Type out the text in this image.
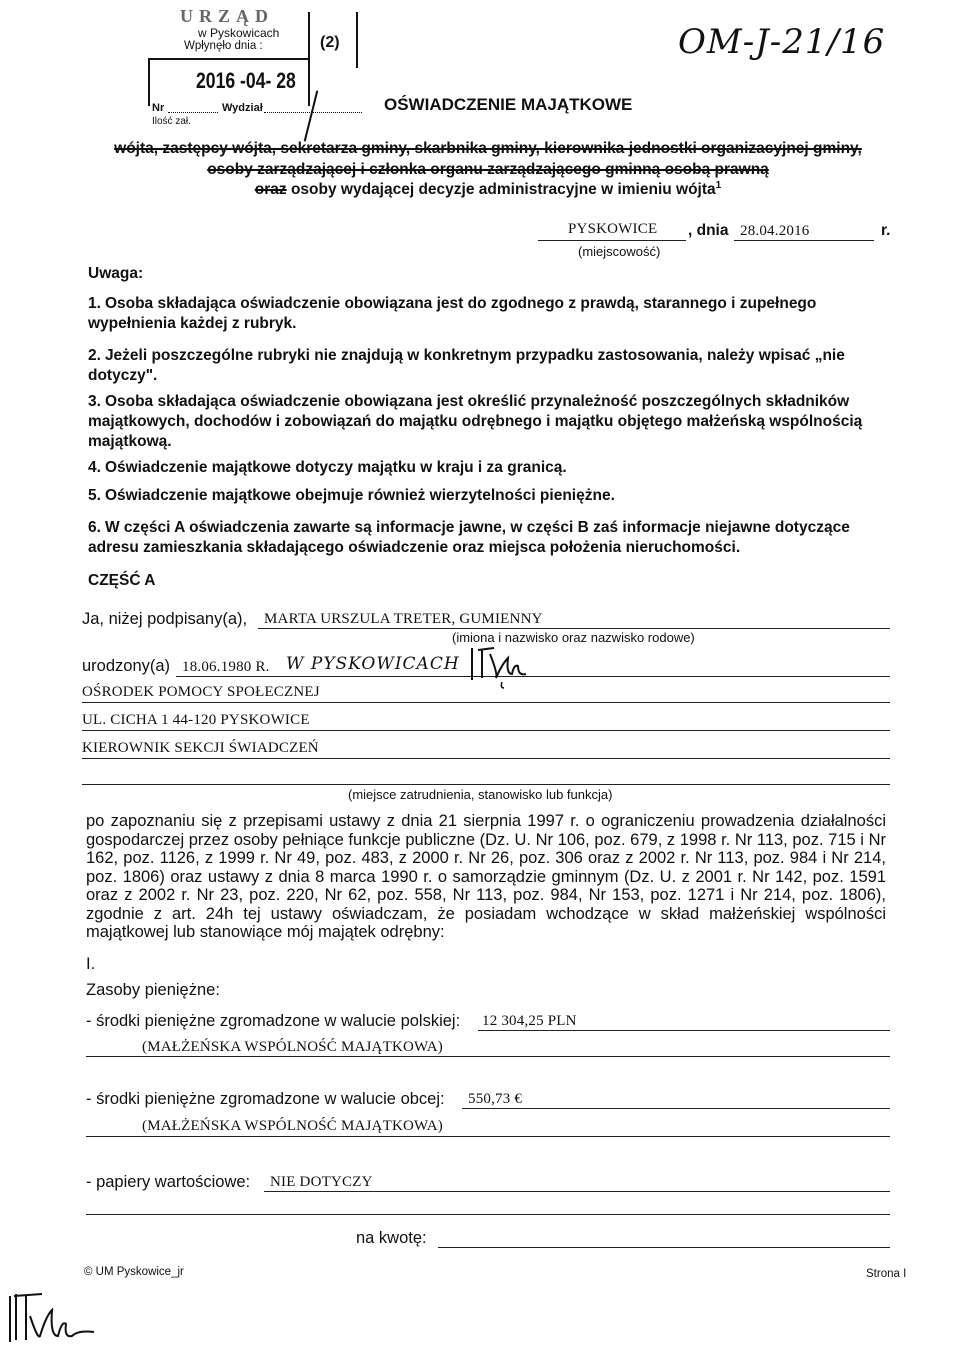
URZĄD
w Pyskowicach
Wpłynęło dnia :	(2)
2016 -04- 28
Nr	Wydział
Ilość zał.
OM-J-21/16
OŚWIADCZENIE MAJĄTKOWE
wójta, zastępcy wójta, sekretarza gminy, skarbnika gminy, kierownika jednostki organizacyjnej gminy,
osoby zarządzającej i członka organu zarządzającego gminną osobą prawną
oraz osoby wydającej decyzje administracyjne w imieniu wójta$^1$
PYSKOWICE
(miejscowość)
, dnia 28.04.2016	r.
Uwaga:
1. Osoba składająca oświadczenie obowiązana jest do zgodnego z prawdą, starannego i zupełnego wypełnienia każdej z rubryk.
2. Jeżeli poszczególne rubryki nie znajdują w konkretnym przypadku zastosowania, należy wpisać „nie dotyczy".
3. Osoba składająca oświadczenie obowiązana jest określić przynależność poszczególnych składników majątkowych, dochodów i zobowiązań do majątku odrębnego i majątku objętego małżeńską wspólnością majątkową.
4. Oświadczenie majątkowe dotyczy majątku w kraju i za granicą.
5. Oświadczenie majątkowe obejmuje również wierzytelności pieniężne.
6. W części A oświadczenia zawarte są informacje jawne, w części B zaś informacje niejawne dotyczące adresu zamieszkania składającego oświadczenie oraz miejsca położenia nieruchomości.
CZĘŚĆ A
Ja, niżej podpisany(a), MARTA URSZULA TRETER, GUMIENNY
(imiona i nazwisko oraz nazwisko rodowe)
urodzony(a) 18.06.1980 R. W PYSKOWICACH
OŚRODEK POMOCY SPOŁECZNEJ
UL. CICHA 1 44-120 PYSKOWICE
KIEROWNIK SEKCJI ŚWIADCZEŃ
(miejsce zatrudnienia, stanowisko lub funkcja)
po zapoznaniu się z przepisami ustawy z dnia 21 sierpnia 1997 r. o ograniczeniu prowadzenia działalności gospodarczej przez osoby pełniące funkcje publiczne (Dz. U. Nr 106, poz. 679, z 1998 r. Nr 113, poz. 715 i Nr 162, poz. 1126, z 1999 r. Nr 49, poz. 483, z 2000 r. Nr 26, poz. 306 oraz z 2002 r. Nr 113, poz. 984 i Nr 214, poz. 1806) oraz ustawy z dnia 8 marca 1990 r. o samorządzie gminnym (Dz. U. z 2001 r. Nr 142, poz. 1591 oraz z 2002 r. Nr 23, poz. 220, Nr 62, poz. 558, Nr 113, poz. 984, Nr 153, poz. 1271 i Nr 214, poz. 1806), zgodnie z art. 24h tej ustawy oświadczam, że posiadam wchodzące w skład małżeńskiej wspólności majątkowej lub stanowiące mój majątek odrębny:
I.
Zasoby pieniężne:
- środki pieniężne zgromadzone w walucie polskiej: 12 304,25 PLN
(MAŁŻEŃSKA WSPÓLNOŚĆ MAJĄTKOWA)
- środki pieniężne zgromadzone w walucie obcej: 550,73 €
(MAŁŻEŃSKA WSPÓLNOŚĆ MAJĄTKOWA)
- papiery wartościowe: NIE DOTYCZY
na kwotę:
© UM Pyskowice_jr	Strona I
